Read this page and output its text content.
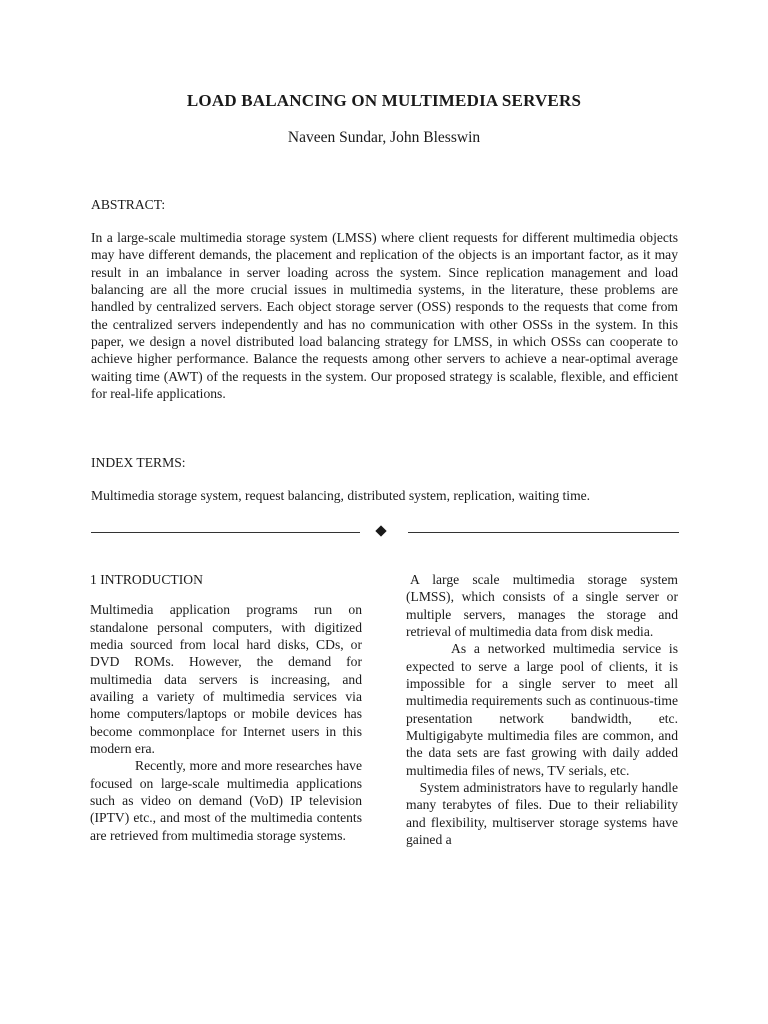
LOAD BALANCING ON MULTIMEDIA SERVERS
Naveen Sundar, John Blesswin
ABSTRACT:

In a large-scale multimedia storage system (LMSS) where client requests for different multimedia objects may have different demands, the placement and replication of the objects is an important factor, as it may result in an imbalance in server loading across the system. Since replication management and load balancing are all the more crucial issues in multimedia systems, in the literature, these problems are handled by centralized servers. Each object storage server (OSS) responds to the requests that come from the centralized servers independently and has no communication with other OSSs in the system. In this paper, we design a novel distributed load balancing strategy for LMSS, in which OSSs can cooperate to achieve higher performance. Balance the requests among other servers to achieve a near-optimal average waiting time (AWT) of the requests in the system. Our proposed strategy is scalable, flexible, and efficient for real-life applications.

INDEX TERMS:

Multimedia storage system, request balancing, distributed system, replication, waiting time.

1 INTRODUCTION

Multimedia application programs run on standalone personal computers, with digitized media sourced from local hard disks, CDs, or DVD ROMs. However, the demand for multimedia data servers is increasing, and availing a variety of multimedia services via home computers/laptops or mobile devices has become commonplace for Internet users in this modern era.

Recently, more and more researches have focused on large-scale multimedia applications such as video on demand (VoD) IP television (IPTV) etc., and most of the multimedia contents are retrieved from multimedia storage systems.

A large scale multimedia storage system (LMSS), which consists of a single server or multiple servers, manages the storage and retrieval of multimedia data from disk media.

As a networked multimedia service is expected to serve a large pool of clients, it is impossible for a single server to meet all multimedia requirements such as continuous-time presentation network bandwidth, etc. Multigigabyte multimedia files are common, and the data sets are fast growing with daily added multimedia files of news, TV serials, etc.

System administrators have to regularly handle many terabytes of files. Due to their reliability and flexibility, multiserver storage systems have gained a
